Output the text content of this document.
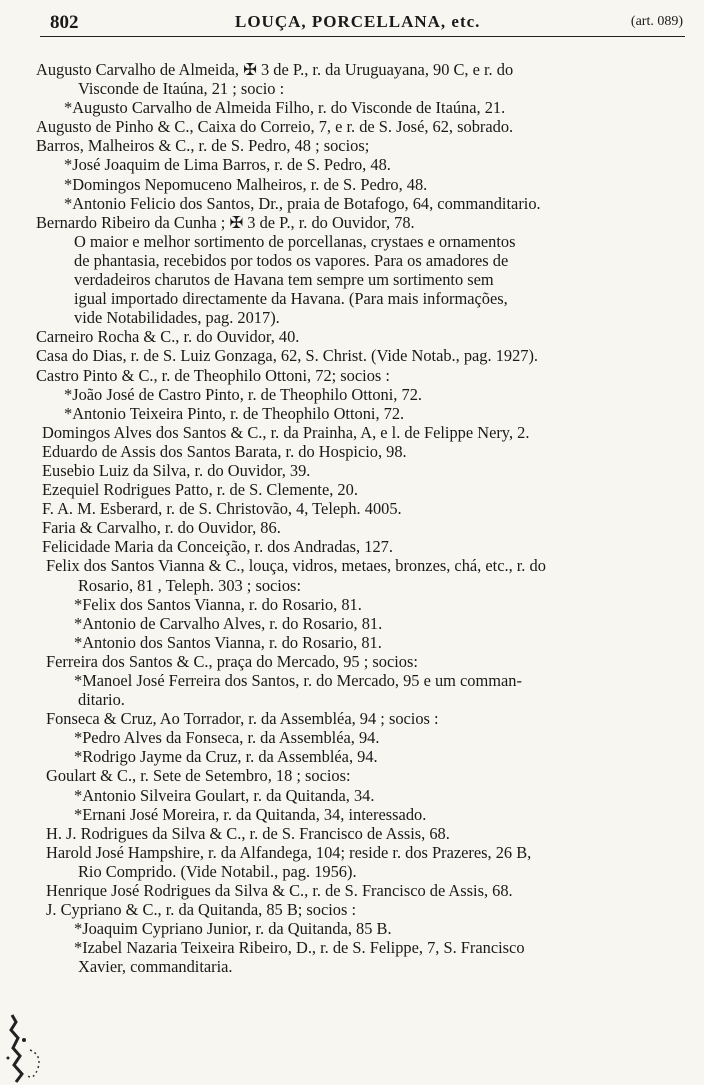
802	LOUÇA, PORCELLANA, etc.	(art. 089)
Augusto Carvalho de Almeida, ✠ 3 de P., r. da Uruguayana, 90 C, e r. do
Visconde de Itaúna, 21 ; socio :
*Augusto Carvalho de Almeida Filho, r. do Visconde de Itaúna, 21.
Augusto de Pinho & C., Caixa do Correio, 7, e r. de S. José, 62, sobrado.
Barros, Malheiros & C., r. de S. Pedro, 48 ; socios;
*José Joaquim de Lima Barros, r. de S. Pedro, 48.
*Domingos Nepomuceno Malheiros, r. de S. Pedro, 48.
*Antonio Felicio dos Santos, Dr., praia de Botafogo, 64, commanditario.
Bernardo Ribeiro da Cunha ; ✠ 3 de P., r. do Ouvidor, 78.
O maior e melhor sortimento de porcellanas, crystaes e ornamentos
de phantasia, recebidos por todos os vapores. Para os amadores de
verdadeiros charutos de Havana tem sempre um sortimento sem
igual importado directamente da Havana. (Para mais informações,
vide Notabilidades, pag. 2017).
Carneiro Rocha & C., r. do Ouvidor, 40.
Casa do Dias, r. de S. Luiz Gonzaga, 62, S. Christ. (Vide Notab., pag. 1927).
Castro Pinto & C., r. de Theophilo Ottoni, 72; socios :
*João José de Castro Pinto, r. de Theophilo Ottoni, 72.
*Antonio Teixeira Pinto, r. de Theophilo Ottoni, 72.
Domingos Alves dos Santos & C., r. da Prainha, A, e l. de Felippe Nery, 2.
Eduardo de Assis dos Santos Barata, r. do Hospicio, 98.
Eusebio Luiz da Silva, r. do Ouvidor, 39.
Ezequiel Rodrigues Patto, r. de S. Clemente, 20.
F. A. M. Esberard, r. de S. Christovão, 4, Teleph. 4005.
Faria & Carvalho, r. do Ouvidor, 86.
Felicidade Maria da Conceição, r. dos Andradas, 127.
Felix dos Santos Vianna & C., louça, vidros, metaes, bronzes, chá, etc., r. do
Rosario, 81 , Teleph. 303 ; socios:
*Felix dos Santos Vianna, r. do Rosario, 81.
*Antonio de Carvalho Alves, r. do Rosario, 81.
*Antonio dos Santos Vianna, r. do Rosario, 81.
Ferreira dos Santos & C., praça do Mercado, 95 ; socios:
*Manoel José Ferreira dos Santos, r. do Mercado, 95 e um comman-
ditario.
Fonseca & Cruz, Ao Torrador, r. da Assembléa, 94 ; socios :
*Pedro Alves da Fonseca, r. da Assembléa, 94.
*Rodrigo Jayme da Cruz, r. da Assembléa, 94.
Goulart & C., r. Sete de Setembro, 18 ; socios:
*Antonio Silveira Goulart, r. da Quitanda, 34.
*Ernani José Moreira, r. da Quitanda, 34, interessado.
H. J. Rodrigues da Silva & C., r. de S. Francisco de Assis, 68.
Harold José Hampshire, r. da Alfandega, 104; reside r. dos Prazeres, 26 B,
Rio Comprido. (Vide Notabil., pag. 1956).
Henrique José Rodrigues da Silva & C., r. de S. Francisco de Assis, 68.
J. Cypriano & C., r. da Quitanda, 85 B; socios :
*Joaquim Cypriano Junior, r. da Quitanda, 85 B.
*Izabel Nazaria Teixeira Ribeiro, D., r. de S. Felippe, 7, S. Francisco
Xavier, commanditaria.
